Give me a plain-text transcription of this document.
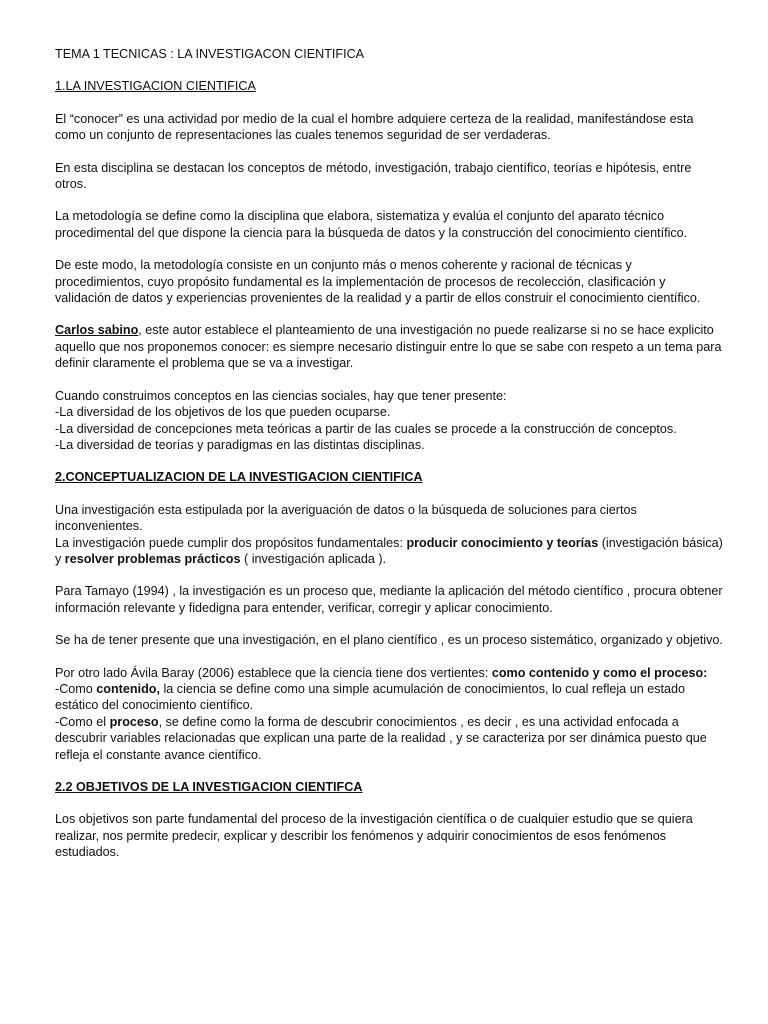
TEMA 1 TECNICAS : LA INVESTIGACON CIENTIFICA

1.LA INVESTIGACION CIENTIFICA

El “conocer” es una actividad por medio de la cual el hombre adquiere certeza de la realidad, manifestándose esta como un conjunto de representaciones las cuales tenemos seguridad de ser verdaderas.

En esta disciplina se destacan los conceptos de método, investigación, trabajo científico, teorías e hipótesis, entre otros.

La metodología se define como la disciplina que elabora, sistematiza y evalúa el conjunto del aparato técnico procedimental del que dispone la ciencia para la búsqueda de datos y la construcción del conocimiento científico.

De este modo, la metodología consiste en un conjunto más o menos coherente y racional de técnicas y procedimientos, cuyo propósito fundamental es la implementación de procesos de recolección, clasificación y validación de datos y experiencias provenientes de la realidad y a partir de ellos construir el conocimiento científico.

Carlos sabino, este autor establece el planteamiento de una investigación no puede realizarse si no se hace explicito aquello que nos proponemos conocer: es siempre necesario distinguir entre lo que se sabe con respeto a un tema para definir claramente el problema que se va a investigar.

Cuando construimos conceptos en las ciencias sociales, hay que tener presente:
-La diversidad de los objetivos de los que pueden ocuparse.
-La diversidad de concepciones meta teóricas a partir de las cuales se procede a la construcción de conceptos.
-La diversidad de teorías y paradigmas en las distintas disciplinas.

2.CONCEPTUALIZACION DE LA INVESTIGACION CIENTIFICA

Una investigación esta estipulada por la averiguación de datos o la búsqueda de soluciones para ciertos inconvenientes.
La investigación puede cumplir dos propósitos fundamentales: producir conocimiento y teorías (investigación básica) y resolver problemas prácticos ( investigación aplicada ).

Para Tamayo (1994) , la investigación es un proceso que, mediante la aplicación del método científico , procura obtener información relevante y fidedigna para entender, verificar, corregir y aplicar conocimiento.

Se ha de tener presente que una investigación, en el plano científico , es un proceso sistemático, organizado y objetivo.

Por otro lado Ávila Baray (2006) establece que la ciencia tiene dos vertientes: como contenido y como el proceso:
-Como contenido, la ciencia se define como una simple acumulación de conocimientos, lo cual refleja un estado estático del conocimiento científico.
-Como el proceso, se define como la forma de descubrir conocimientos , es decir , es una actividad enfocada a descubrir variables relacionadas que explican una parte de la realidad , y se caracteriza por ser dinámica puesto que refleja el constante avance científico.

2.2 OBJETIVOS DE LA INVESTIGACION CIENTIFCA

Los objetivos son parte fundamental del proceso de la investigación científica o de cualquier estudio que se quiera realizar, nos permite predecir, explicar y describir los fenómenos y adquirir conocimientos de esos fenómenos estudiados.
